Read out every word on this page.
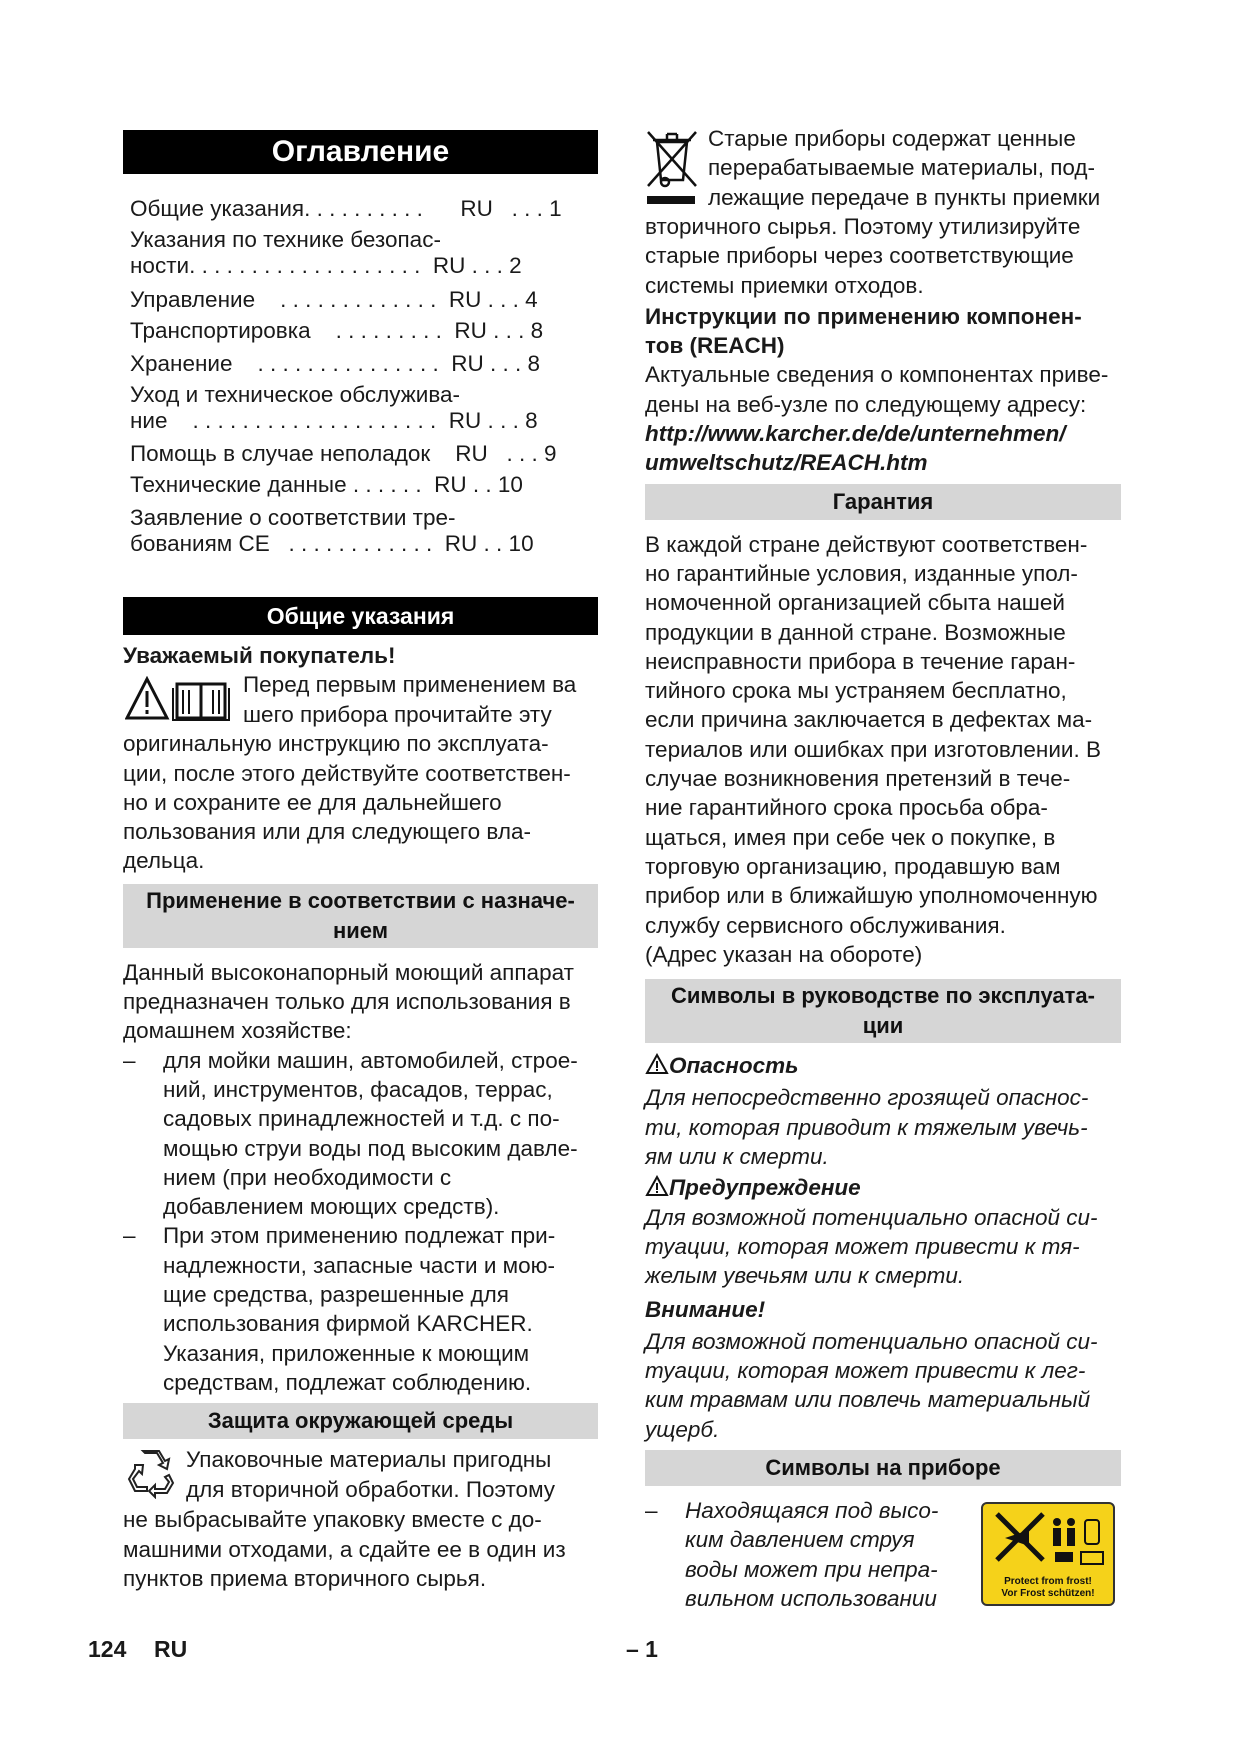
Оглавление
Общие указания. . . . . . . . . .      RU   . . . 1
Указания по технике безопас-
ности. . . . . . . . . . . . . . . . . . .  RU . . . 2
Управление    . . . . . . . . . . . . .  RU . . . 4
Транспортировка    . . . . . . . . .  RU . . . 8
Хранение    . . . . . . . . . . . . . . .  RU . . . 8
Уход и техническое обслужива-
ние    . . . . . . . . . . . . . . . . . . . .  RU . . . 8
Помощь в случае неполадок    RU   . . . 9
Технические данные . . . . . .  RU . . 10
Заявление о соответствии тре-
бованиям CE   . . . . . . . . . . . .  RU . . 10
Общие указания
Уважаемый покупатель!
Перед первым применением ва
шего прибора прочитайте эту
оригинальную инструкцию по эксплуата-
ции, после этого действуйте соответствен-
но и сохраните ее для дальнейшего
пользования или для следующего вла-
дельца.
Применение в соответствии с назначе-
нием
Данный высоконапорный моющий аппарат
предназначен только для использования в
домашнем хозяйстве:
–	для мойки машин, автомобилей, строе-
ний, инструментов, фасадов, террас,
садовых принадлежностей и т.д. с по-
мощью струи воды под высоким давле-
нием (при необходимости с
добавлением моющих средств).
–	При этом применению подлежат при-
надлежности, запасные части и мою-
щие средства, разрешенные для
использования фирмой KARCHER.
Указания, приложенные к моющим
средствам, подлежат соблюдению.
Защита окружающей среды
Упаковочные материалы пригодны
для вторичной обработки. Поэтому
не выбрасывайте упаковку вместе с до-
машними отходами, а сдайте ее в один из
пунктов приема вторичного сырья.
Старые приборы содержат ценные
перерабатываемые материалы, под-
лежащие передаче в пункты приемки
вторичного сырья. Поэтому утилизируйте
старые приборы через соответствующие
системы приемки отходов.
Инструкции по применению компонен-
тов (REACH)
Актуальные сведения о компонентах приве-
дены на веб-узле по следующему адресу:
http://www.karcher.de/de/unternehmen/
umweltschutz/REACH.htm
Гарантия
В каждой стране действуют соответствен-
но гарантийные условия, изданные упол-
номоченной организацией сбыта нашей
продукции в данной стране. Возможные
неисправности прибора в течение гаран-
тийного срока мы устраняем бесплатно,
если причина заключается в дефектах ма-
териалов или ошибках при изготовлении. В
случае возникновения претензий в тече-
ние гарантийного срока просьба обра-
щаться, имея при себе чек о покупке, в
торговую организацию, продавшую вам
прибор или в ближайшую уполномоченную
службу сервисного обслуживания.
(Адрес указан на обороте)
Символы в руководстве по эксплуата-
ции
Опасность
Для непосредственно грозящей опаснос-
ти, которая приводит к тяжелым увечь-
ям или к смерти.
Предупреждение
Для возможной потенциально опасной си-
туации, которая может привести к тя-
желым увечьям или к смерти.
Внимание!
Для возможной потенциально опасной си-
туации, которая может привести к лег-
ким травмам или повлечь материальный
ущерб.
Символы на приборе
–	Находящаяся под высо-
ким давлением струя
воды может при непра-
вильном использовании
Protect from frost!
Vor Frost schützen!
124 RU	– 1
